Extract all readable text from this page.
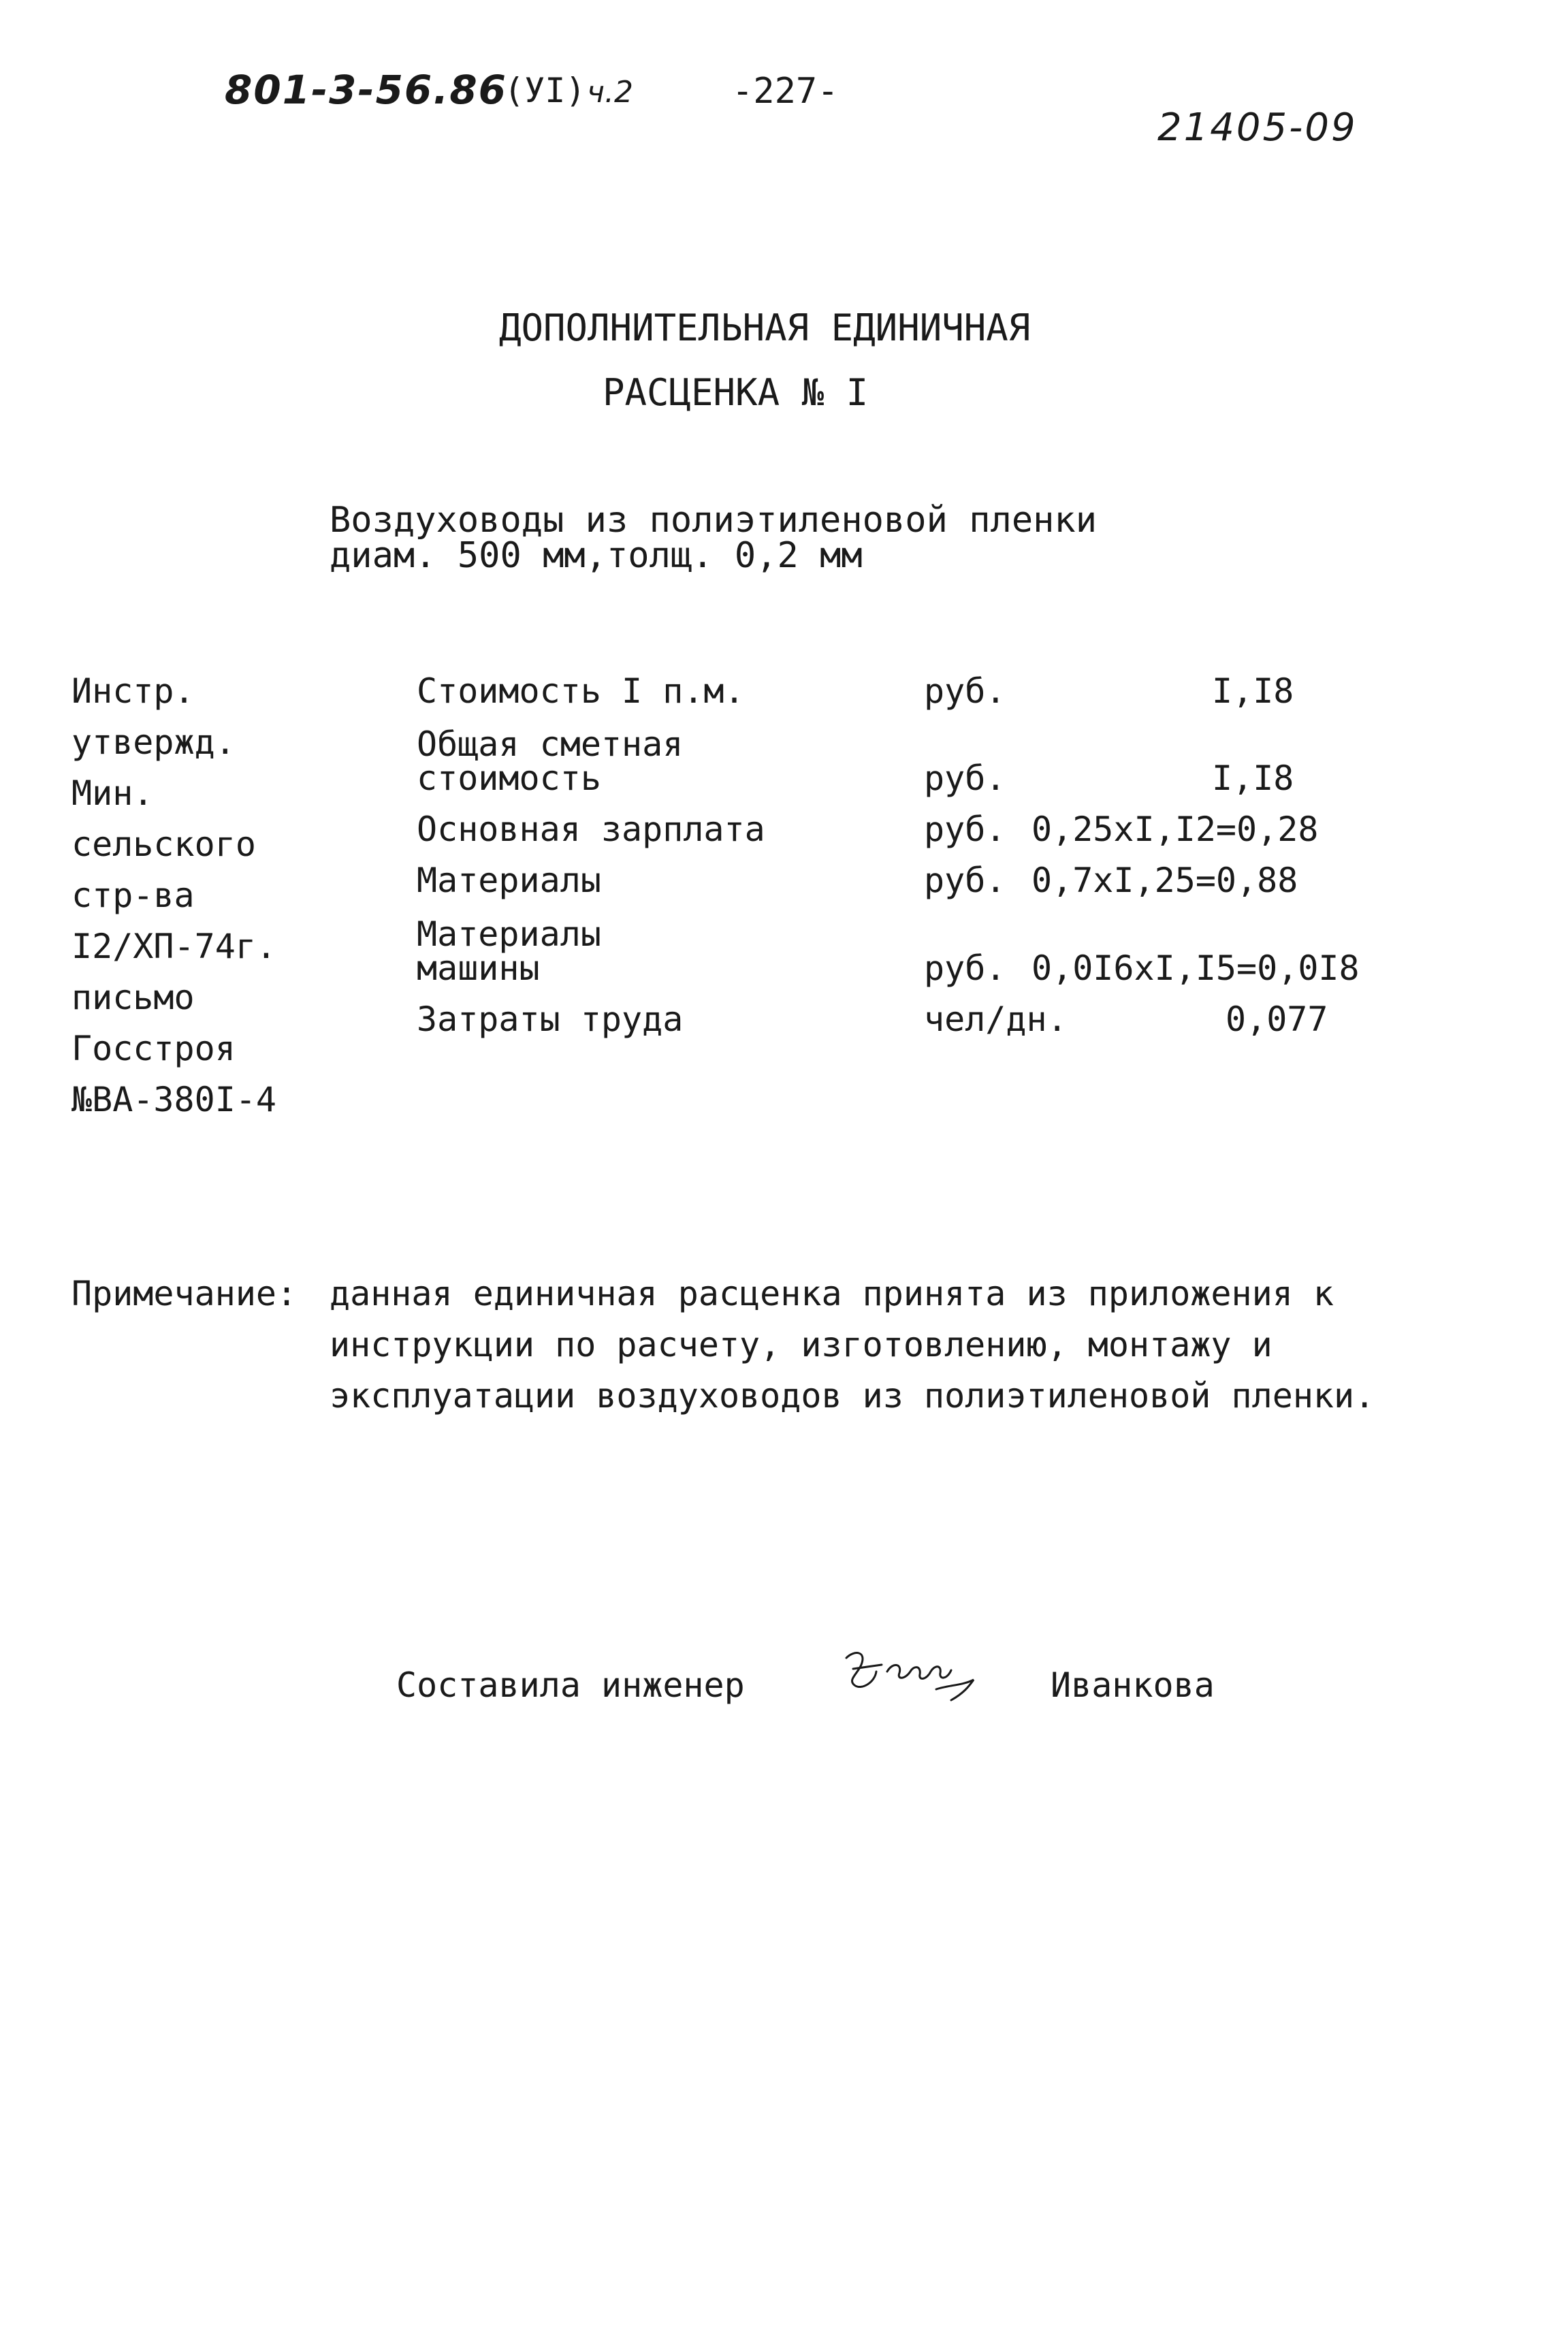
801-3-56.86
(УI) ч.2	-227-
21405-09
ДОПОЛНИТЕЛЬНАЯ ЕДИНИЧНАЯ
РАСЦЕНКА № I
Воздуховоды из полиэтиленовой пленки
диам. 500 мм,толщ. 0,2 мм
Инстр.
утвержд.
Мин.
сельского
стр-ва
I2/ХП-74г.
письмо
Госстроя
№ВА-380I-4
Стоимость I п.м.	руб.	I,I8
Общая сметная
стоимость	руб.	I,I8
Основная зарплата	руб. 0,25xI,I2=0,28
Материалы	руб. 0,7xI,25=0,88
Материалы
машины	руб. 0,0I6xI,I5=0,0I8
Затраты труда	чел/дн.	0,077
Примечание: данная единичная расценка принята из приложения к
инструкции по расчету, изготовлению, монтажу и
эксплуатации воздуховодов из полиэтиленовой пленки.
Составила инженер	Иванкова
